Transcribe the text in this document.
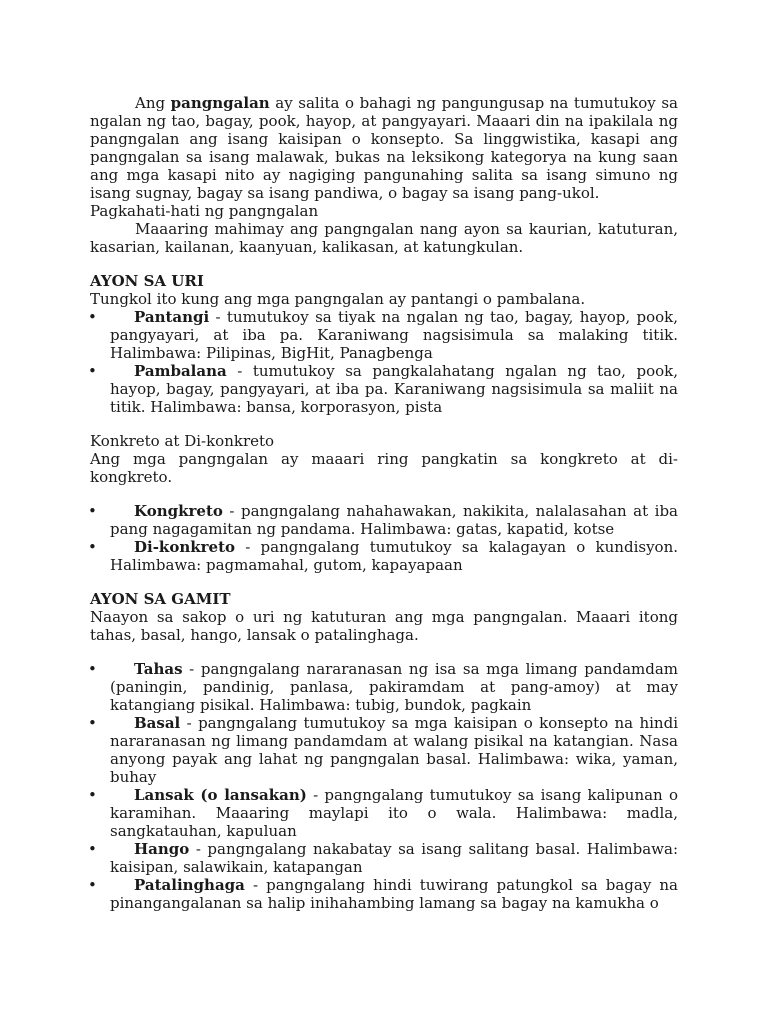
Ang pangngalan ay salita o bahagi ng pangungusap na tumutukoy sa ngalan ng tao, bagay, pook, hayop, at pangyayari. Maaari din na ipakilala ng pangngalan ang isang kaisipan o konsepto. Sa linggwistika, kasapi ang pangngalan sa isang malawak, bukas na leksikong kategorya na kung saan ang mga kasapi nito ay nagiging pangunahing salita sa isang simuno ng isang sugnay, bagay sa isang pandiwa, o bagay sa isang pang-ukol.

Pagkahati-hati ng pangngalan

Maaaring mahimay ang pangngalan nang ayon sa kaurian, katuturan, kasarian, kailanan, kaanyuan, kalikasan, at katungkulan.

AYON SA URI

Tungkol ito kung ang mga pangngalan ay pantangi o pambalana.

• Pantangi - tumutukoy sa tiyak na ngalan ng tao, bagay, hayop, pook, pangyayari, at iba pa. Karaniwang nagsisimula sa malaking titik. Halimbawa: Pilipinas, BigHit, Panagbenga
• Pambalana - tumutukoy sa pangkalahatang ngalan ng tao, pook, hayop, bagay, pangyayari, at iba pa. Karaniwang nagsisimula sa maliit na titik. Halimbawa: bansa, korporasyon, pista

Konkreto at Di-konkreto

Ang mga pangngalan ay maaari ring pangkatin sa kongkreto at di-kongkreto.

• Kongkreto - pangngalang nahahawakan, nakikita, nalalasahan at iba pang nagagamitan ng pandama. Halimbawa: gatas, kapatid, kotse
• Di-konkreto - pangngalang tumutukoy sa kalagayan o kundisyon. Halimbawa: pagmamahal, gutom, kapayapaan

AYON SA GAMIT

Naayon sa sakop o uri ng katuturan ang mga pangngalan. Maaari itong tahas, basal, hango, lansak o patalinghaga.

• Tahas - pangngalang nararanasan ng isa sa mga limang pandamdam (paningin, pandinig, panlasa, pakiramdam at pang-amoy) at may katangiang pisikal. Halimbawa: tubig, bundok, pagkain
• Basal - pangngalang tumutukoy sa mga kaisipan o konsepto na hindi nararanasan ng limang pandamdam at walang pisikal na katangian. Nasa anyong payak ang lahat ng pangngalan basal. Halimbawa: wika, yaman, buhay
• Lansak (o lansakan) - pangngalang tumutukoy sa isang kalipunan o karamihan. Maaaring maylapi ito o wala. Halimbawa: madla, sangkatauhan, kapuluan
• Hango - pangngalang nakabatay sa isang salitang basal. Halimbawa: kaisipan, salawikain, katapangan
• Patalinghaga - pangngalang hindi tuwirang patungkol sa bagay na pinangangalanan sa halip inihahambing lamang sa bagay na kamukha o
